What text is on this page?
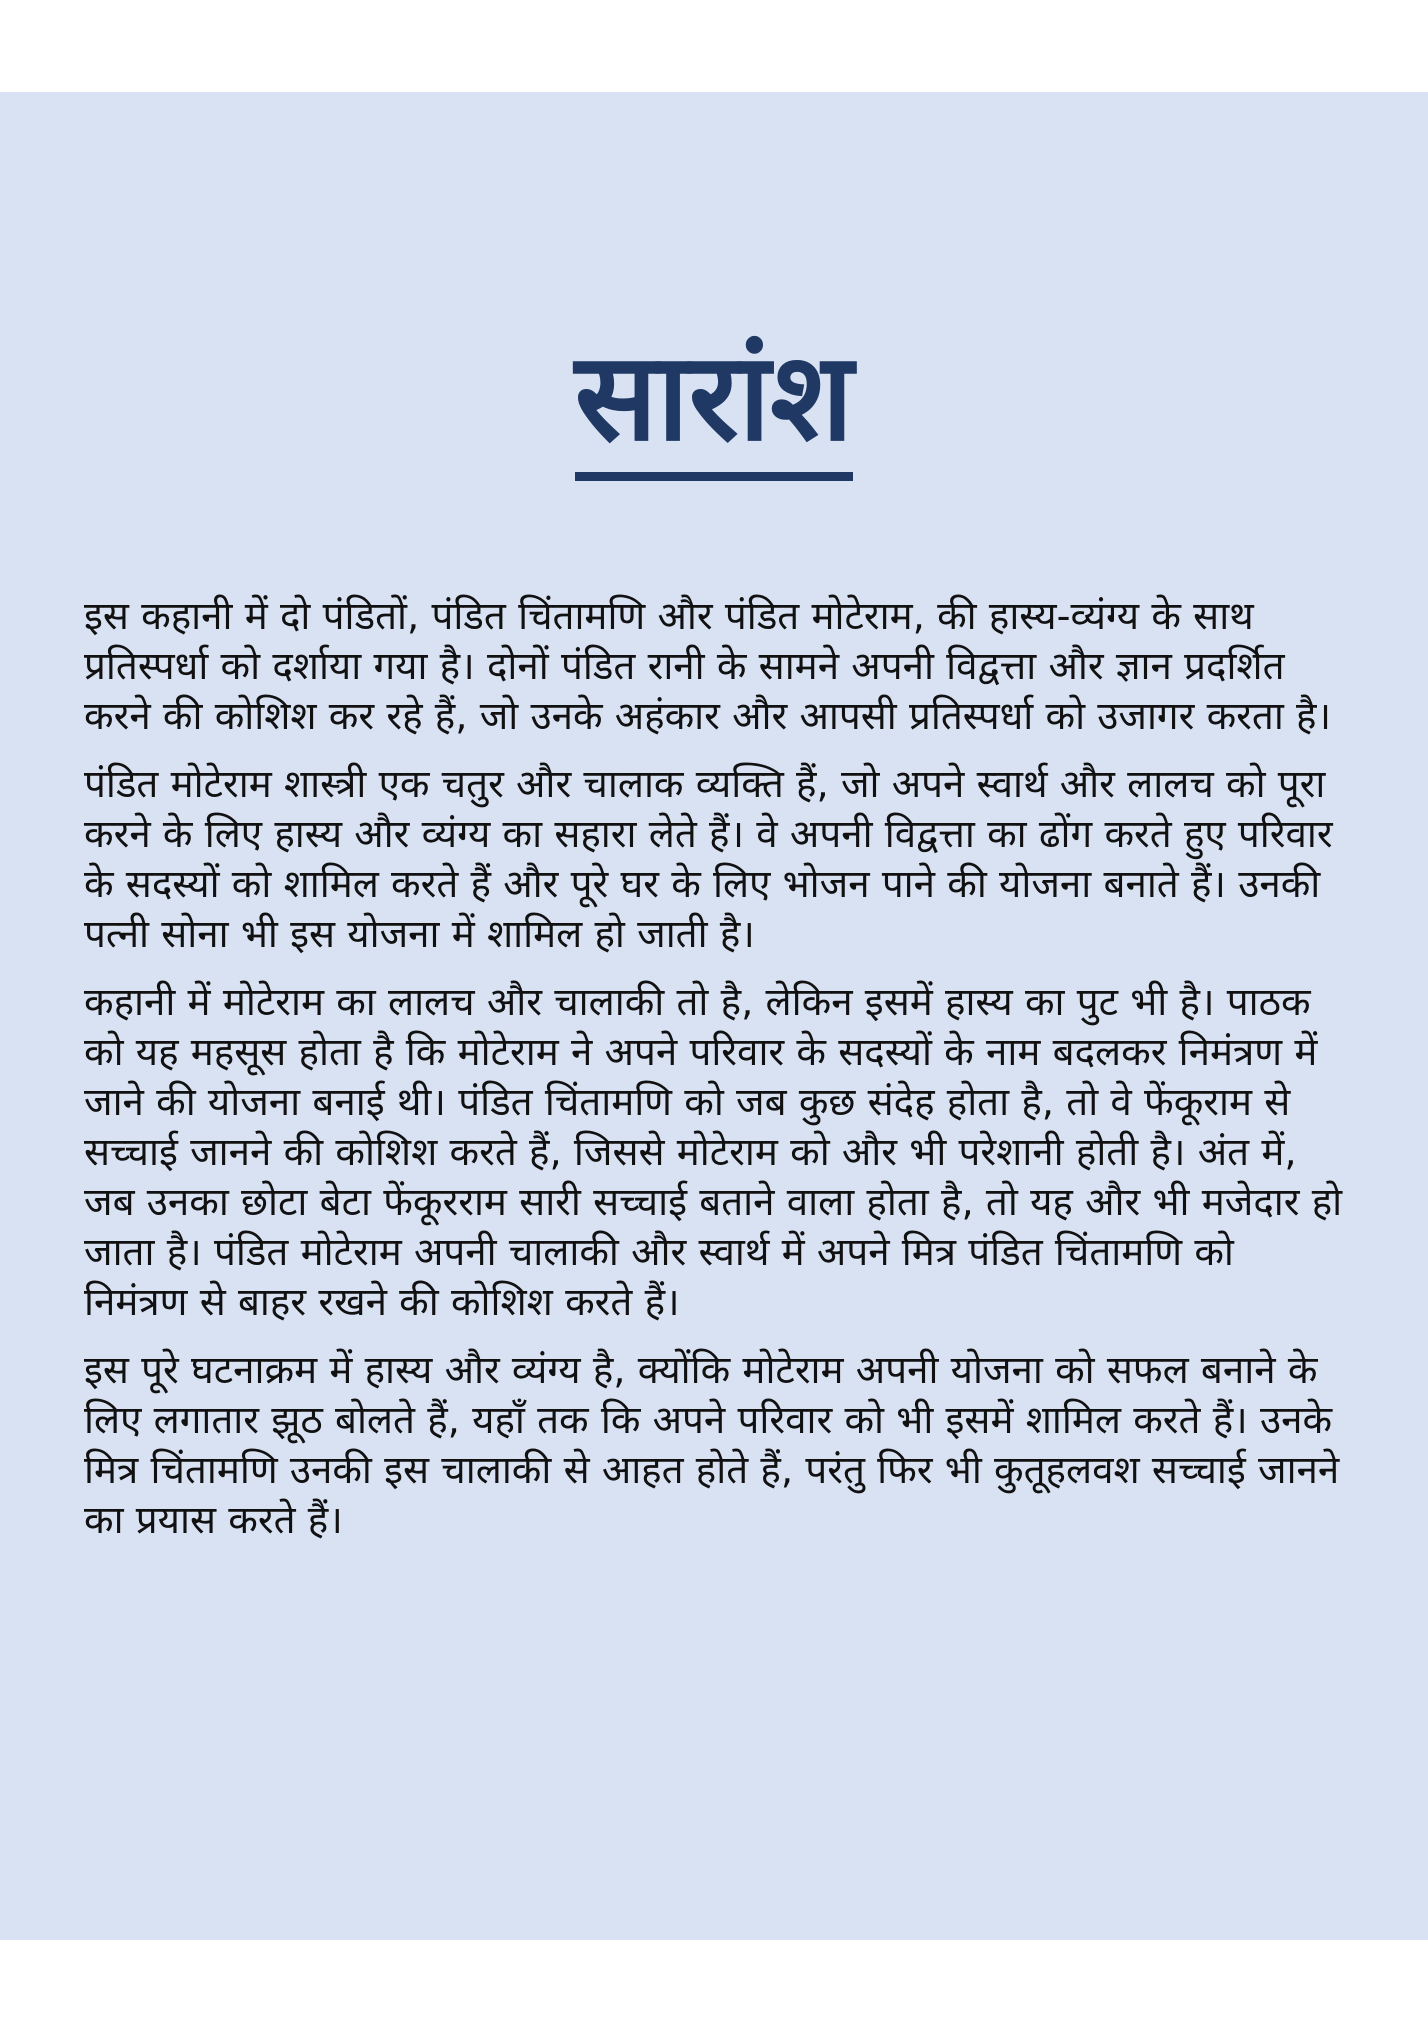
सारांश

इस कहानी में दो पंडितों, पंडित चिंतामणि और पंडित मोटेराम, की हास्य-व्यंग्य के साथ प्रतिस्पर्धा को दर्शाया गया है। दोनों पंडित रानी के सामने अपनी विद्वत्ता और ज्ञान प्रदर्शित करने की कोशिश कर रहे हैं, जो उनके अहंकार और आपसी प्रतिस्पर्धा को उजागर करता है।

पंडित मोटेराम शास्त्री एक चतुर और चालाक व्यक्ति हैं, जो अपने स्वार्थ और लालच को पूरा करने के लिए हास्य और व्यंग्य का सहारा लेते हैं। वे अपनी विद्वत्ता का ढोंग करते हुए परिवार के सदस्यों को शामिल करते हैं और पूरे घर के लिए भोजन पाने की योजना बनाते हैं। उनकी पत्नी सोना भी इस योजना में शामिल हो जाती है।

कहानी में मोटेराम का लालच और चालाकी तो है, लेकिन इसमें हास्य का पुट भी है। पाठक को यह महसूस होता है कि मोटेराम ने अपने परिवार के सदस्यों के नाम बदलकर निमंत्रण में जाने की योजना बनाई थी। पंडित चिंतामणि को जब कुछ संदेह होता है, तो वे फेंकूराम से सच्चाई जानने की कोशिश करते हैं, जिससे मोटेराम को और भी परेशानी होती है। अंत में, जब उनका छोटा बेटा फेंकूरराम सारी सच्चाई बताने वाला होता है, तो यह और भी मजेदार हो जाता है। पंडित मोटेराम अपनी चालाकी और स्वार्थ में अपने मित्र पंडित चिंतामणि को निमंत्रण से बाहर रखने की कोशिश करते हैं।

इस पूरे घटनाक्रम में हास्य और व्यंग्य है, क्योंकि मोटेराम अपनी योजना को सफल बनाने के लिए लगातार झूठ बोलते हैं, यहाँ तक कि अपने परिवार को भी इसमें शामिल करते हैं। उनके मित्र चिंतामणि उनकी इस चालाकी से आहत होते हैं, परंतु फिर भी कुतूहलवश सच्चाई जानने का प्रयास करते हैं।
